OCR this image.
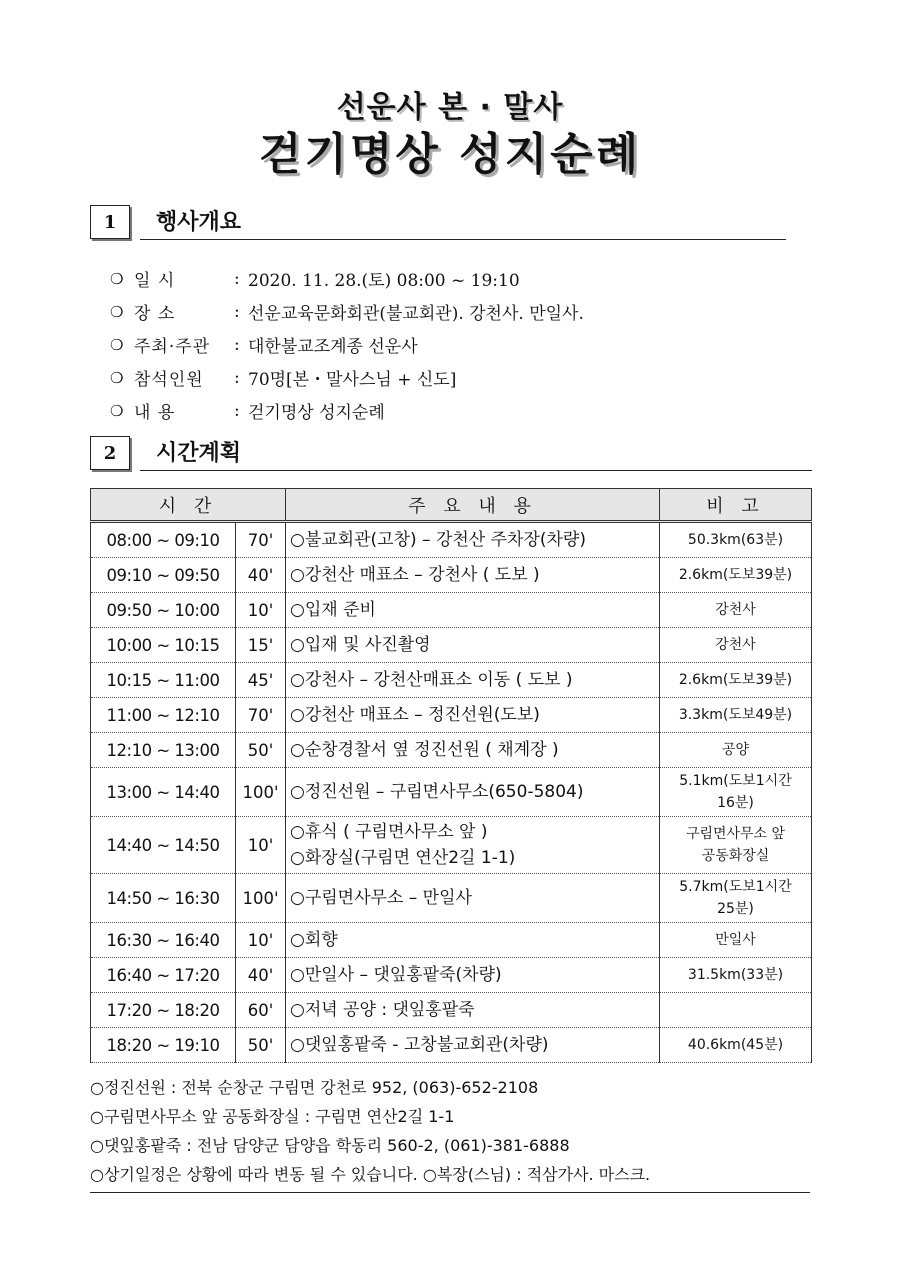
선운사 본 · 말사
걷기명상 성지순례
1	행사개요
❍ 일 시	: 2020. 11. 28.(토) 08:00 ~ 19:10
❍ 장 소	: 선운교육문화회관(불교회관). 강천사. 만일사.
❍ 주최·주관	: 대한불교조계종 선운사
❍ 참석인원	: 70명[본・말사스님 + 신도]
❍ 내 용	: 걷기명상 성지순례
2	시간계획
시 간		주 요 내 용	비 고
08:00 ~ 09:10	70'	○불교회관(고창) – 강천산 주차장(차량)	50.3km(63분)

09:10 ~ 09:50	40'	○강천산 매표소 – 강천사 ( 도보 )	2.6km(도보39분)

09:50 ~ 10:00	10'	○입재 준비	강천사

10:00 ~ 10:15	15'	○입재 및 사진촬영	강천사

10:15 ~ 11:00	45'	○강천사 – 강천산매표소 이동 ( 도보 )	2.6km(도보39분)

11:00 ~ 12:10	70'	○강천산 매표소 – 정진선원(도보)	3.3km(도보49분)

12:10 ~ 13:00	50'	○순창경찰서 옆 정진선원 ( 채계장 )	공양

13:00 ~ 14:40	100'	○정진선원 – 구림면사무소(650-5804)	5.1km(도보1시간
16분)

14:40 ~ 14:50	10'	○휴식 ( 구림면사무소 앞 )
○화장실(구림면 연산2길 1-1)	구림면사무소 앞
공동화장실

14:50 ~ 16:30	100'	○구림면사무소 – 만일사	5.7km(도보1시간
25분)

16:30 ~ 16:40	10'	○회향	만일사

16:40 ~ 17:20	40'	○만일사 – 댓잎홍팥죽(차량)	31.5km(33분)

17:20 ~ 18:20	60'	○저녁 공양 : 댓잎홍팥죽	

18:20 ~ 19:10	50'	○댓잎홍팥죽 - 고창불교회관(차량)	40.6km(45분)
○정진선원 : 전북 순창군 구림면 강천로 952, (063)-652-2108
○구림면사무소 앞 공동화장실 : 구림면 연산2길 1-1
○댓잎홍팥죽 : 전남 담양군 담양읍 학동리 560-2, (061)-381-6888
○상기일정은 상황에 따라 변동 될 수 있습니다. ○복장(스님) : 적삼가사. 마스크.
